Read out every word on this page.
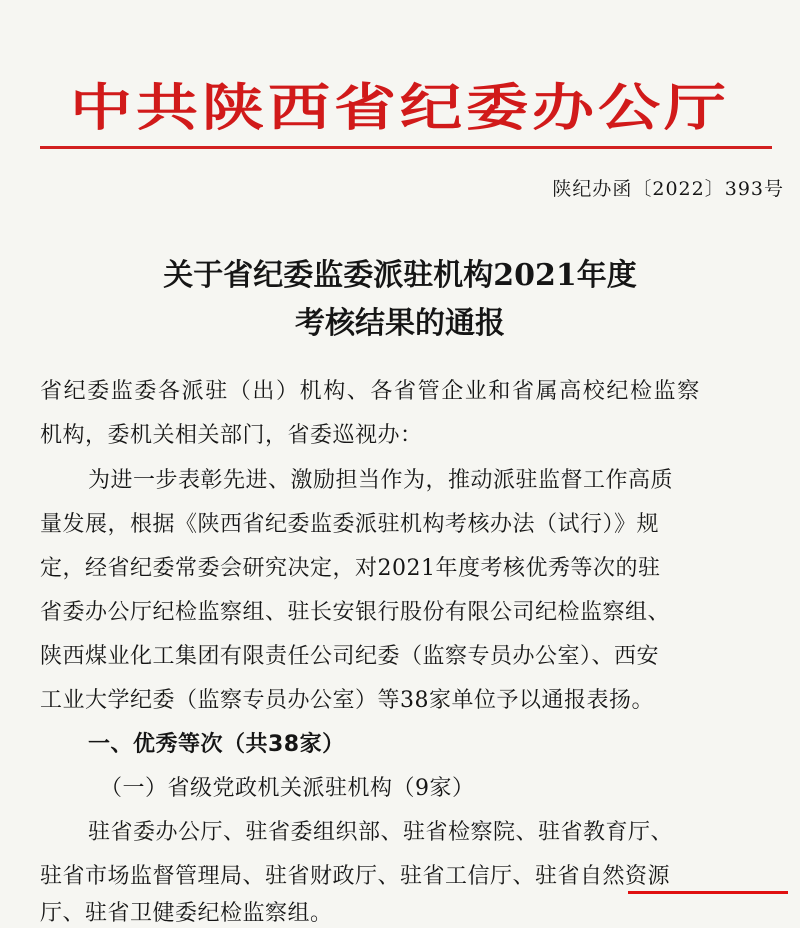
中共陕西省纪委办公厅
陕纪办函〔2022〕393号
关于省纪委监委派驻机构2021年度
考核结果的通报
省纪委监委各派驻（出）机构、各省管企业和省属高校纪检监察
机构，委机关相关部门，省委巡视办：
为进一步表彰先进、激励担当作为，推动派驻监督工作高质
量发展，根据《陕西省纪委监委派驻机构考核办法（试行）》规
定，经省纪委常委会研究决定，对2021年度考核优秀等次的驻
省委办公厅纪检监察组、驻长安银行股份有限公司纪检监察组、
陕西煤业化工集团有限责任公司纪委（监察专员办公室）、西安
工业大学纪委（监察专员办公室）等38家单位予以通报表扬。
一、优秀等次（共38家）
（一）省级党政机关派驻机构（9家）
驻省委办公厅、驻省委组织部、驻省检察院、驻省教育厅、
驻省市场监督管理局、驻省财政厅、驻省工信厅、驻省自然资源
厅、驻省卫健委纪检监察组。
